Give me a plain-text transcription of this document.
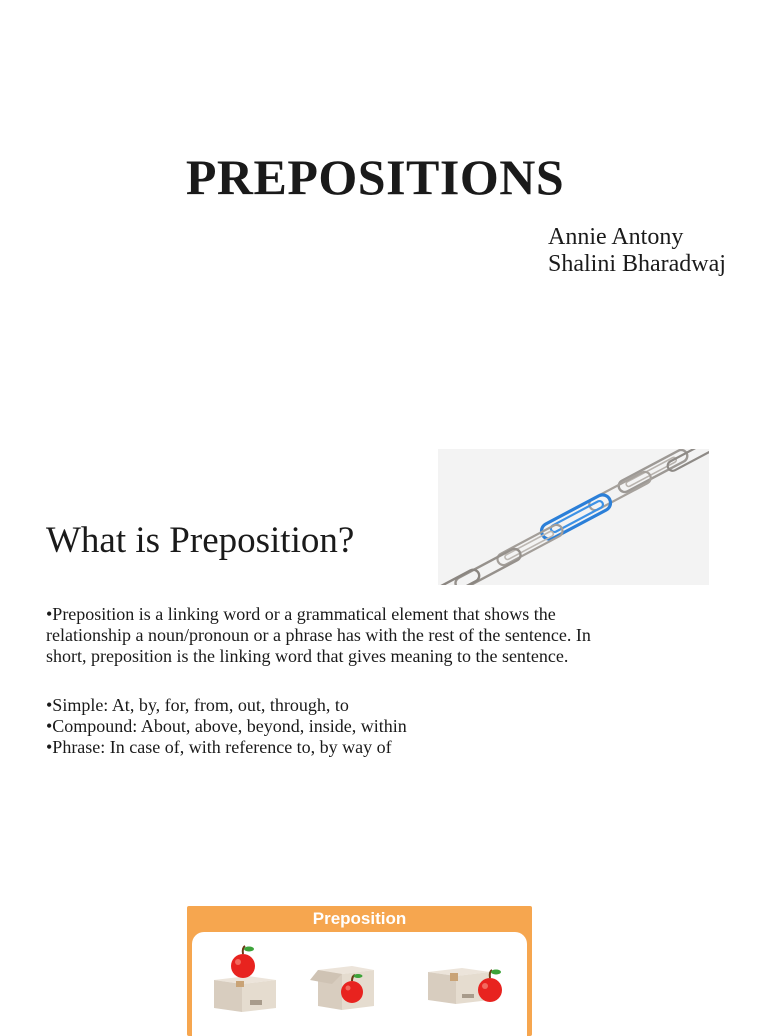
PREPOSITIONS
Annie Antony
Shalini Bharadwaj
What is Preposition?
•Preposition is a linking word or a grammatical element that shows the
relationship a noun/pronoun or a phrase has with the rest of the sentence. In
short, preposition is the linking word that gives meaning to the sentence.
•Simple: At, by, for, from, out, through, to
•Compound: About, above, beyond, inside, within
•Phrase: In case of, with reference to, by way of
Preposition
